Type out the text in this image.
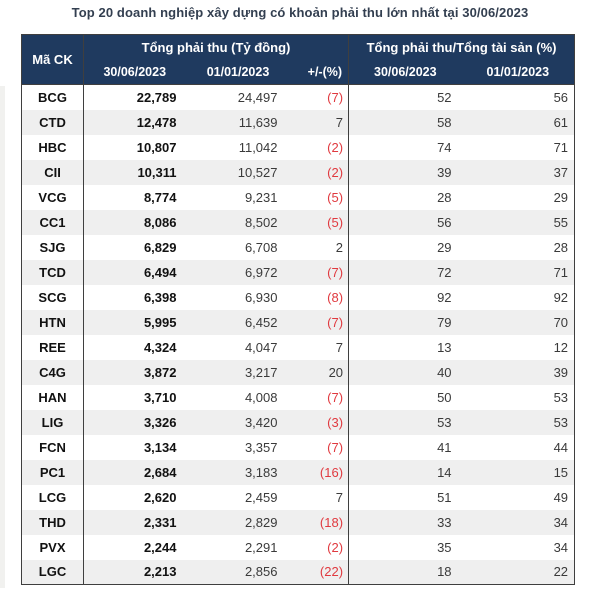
Top 20 doanh nghiệp xây dựng có khoản phải thu lớn nhất tại 30/06/2023
Mã CK	Tổng phải thu (Tỷ đồng)			Tổng phải thu/Tổng tài sản (%)	
	30/06/2023	01/01/2023	+/-(%)	30/06/2023	01/01/2023
BCG	22,789	24,497	(7)	52	56
CTD	12,478	11,639	7	58	61
HBC	10,807	11,042	(2)	74	71
CII	10,311	10,527	(2)	39	37
VCG	8,774	9,231	(5)	28	29
CC1	8,086	8,502	(5)	56	55
SJG	6,829	6,708	2	29	28
TCD	6,494	6,972	(7)	72	71
SCG	6,398	6,930	(8)	92	92
HTN	5,995	6,452	(7)	79	70
REE	4,324	4,047	7	13	12
C4G	3,872	3,217	20	40	39
HAN	3,710	4,008	(7)	50	53
LIG	3,326	3,420	(3)	53	53
FCN	3,134	3,357	(7)	41	44
PC1	2,684	3,183	(16)	14	15
LCG	2,620	2,459	7	51	49
THD	2,331	2,829	(18)	33	34
PVX	2,244	2,291	(2)	35	34
LGC	2,213	2,856	(22)	18	22
